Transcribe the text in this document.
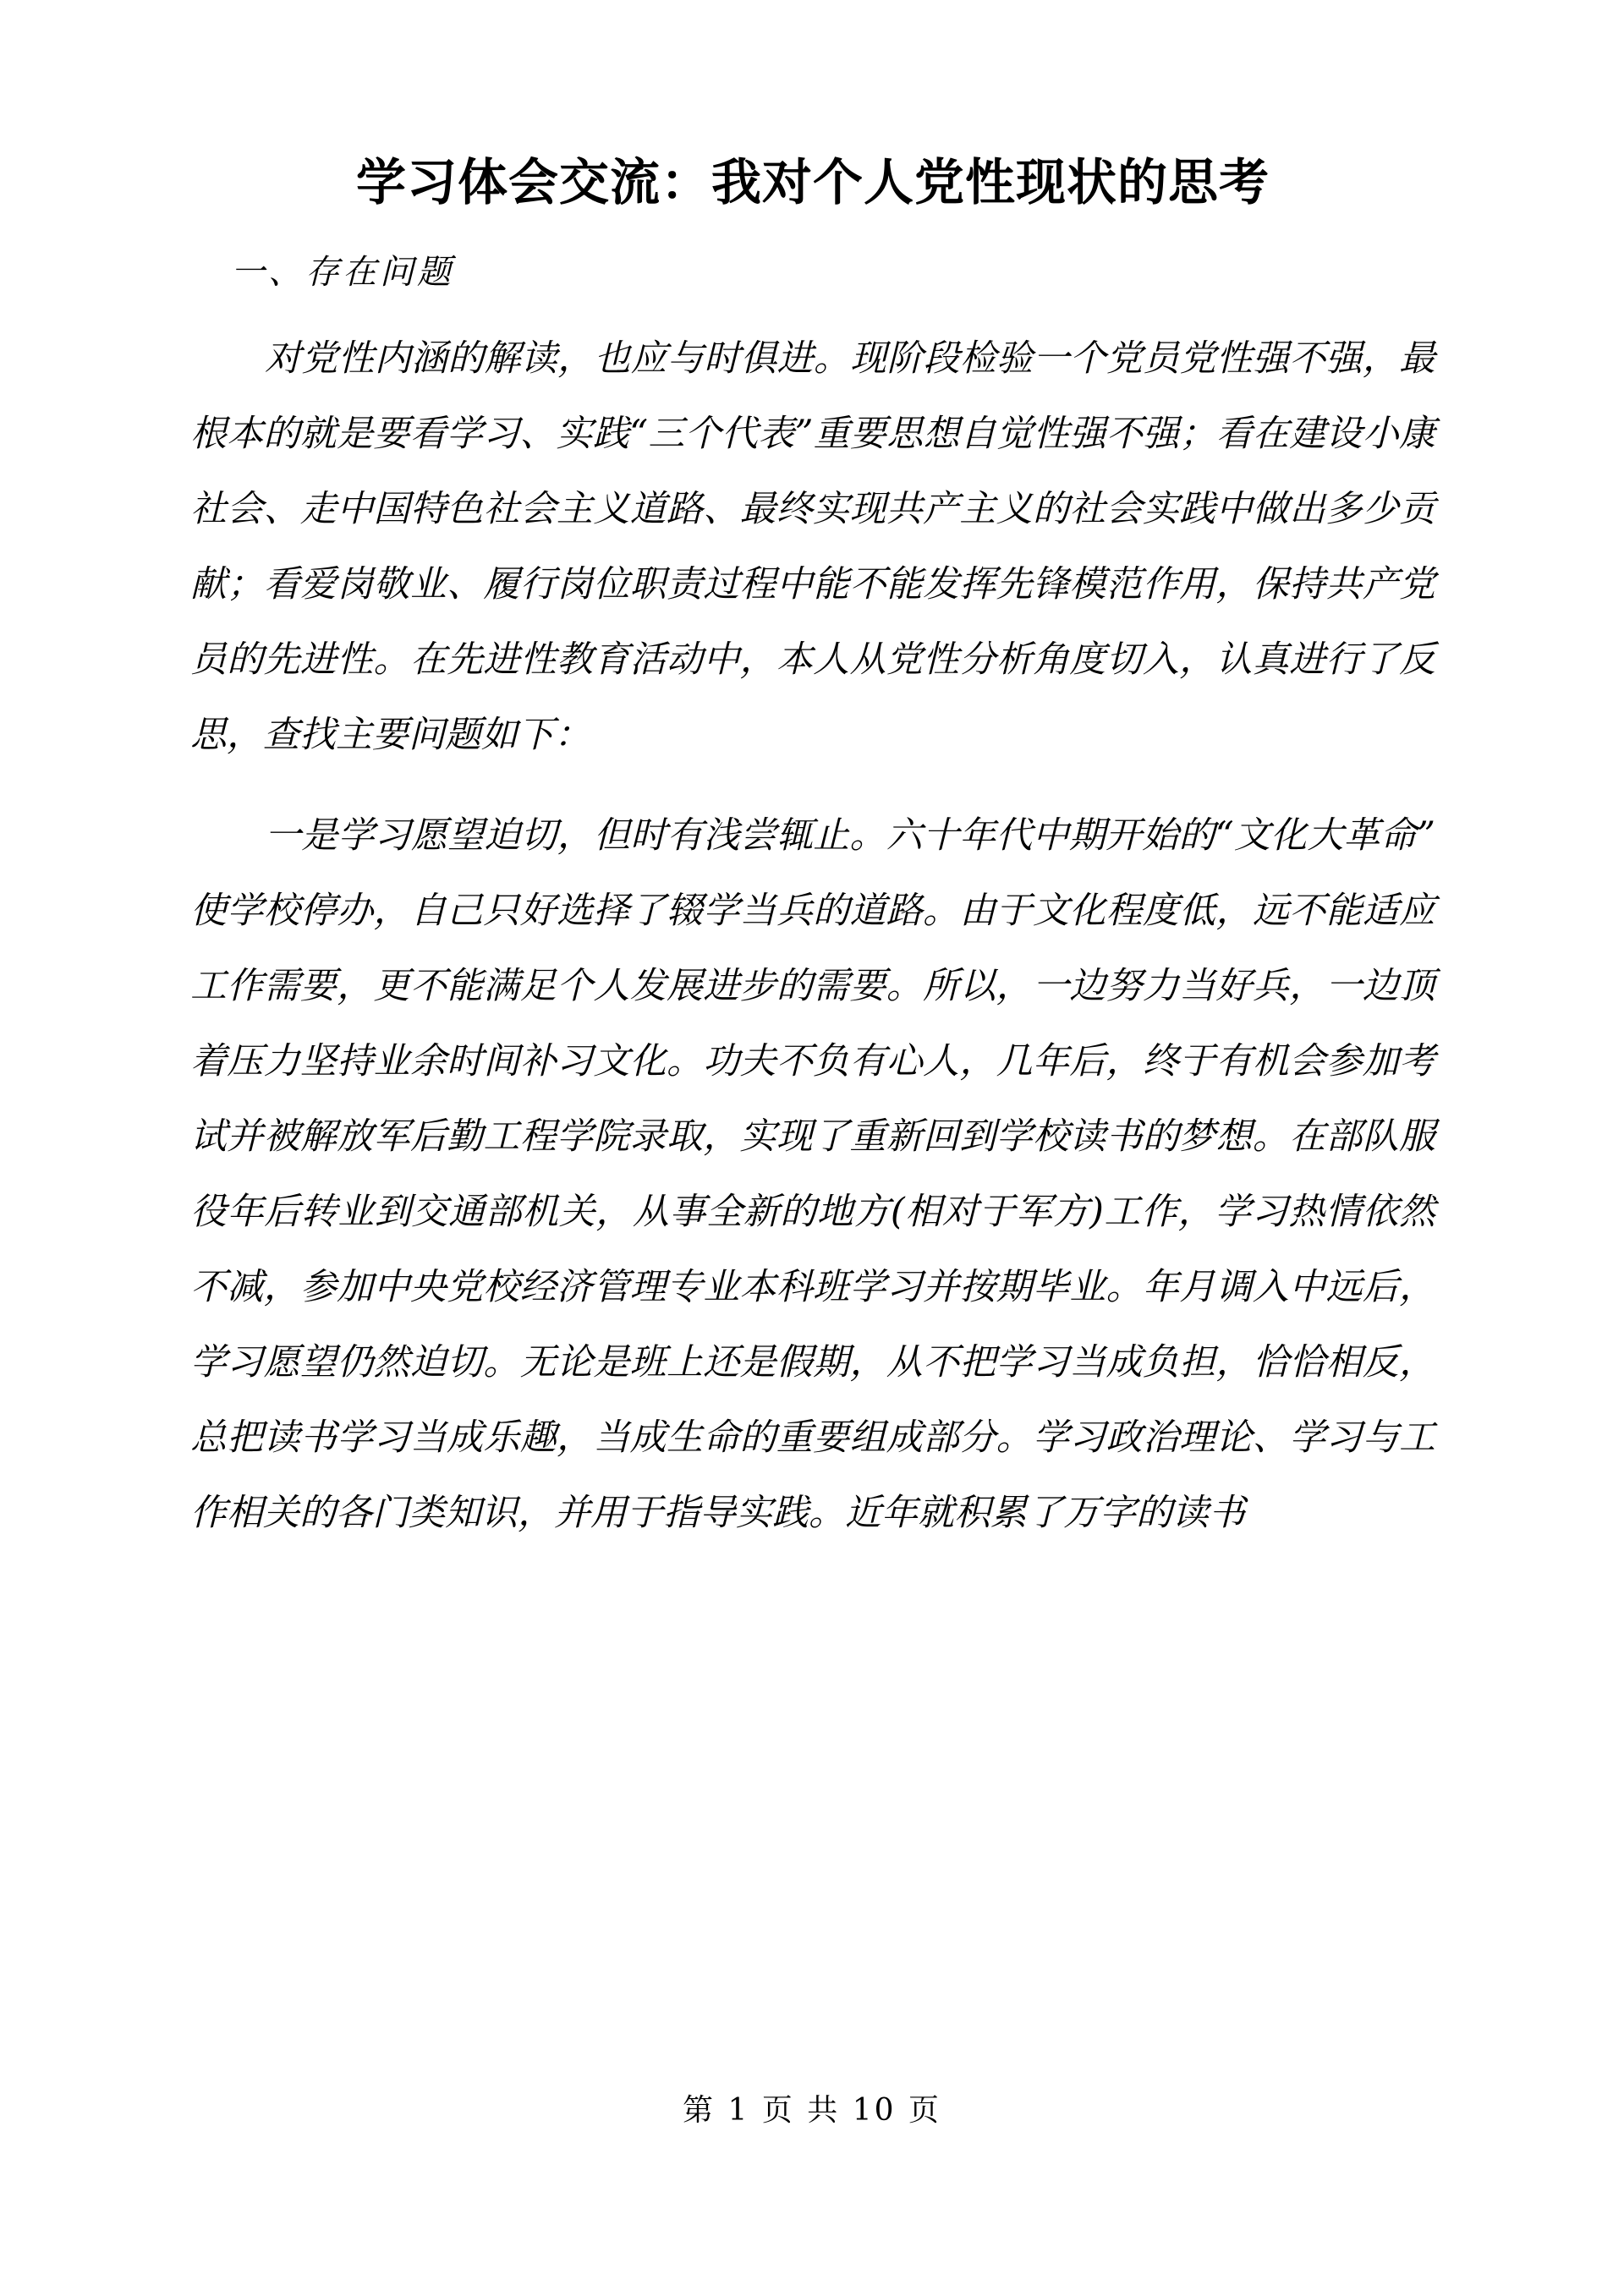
学习体会交流：我对个人党性现状的思考
一、存在问题

对党性内涵的解读，也应与时俱进。现阶段检验一个党员党性强不强，最根本的就是要看学习、实践“三个代表”重要思想自觉性强不强；看在建设小康社会、走中国特色社会主义道路、最终实现共产主义的社会实践中做出多少贡献；看爱岗敬业、履行岗位职责过程中能不能发挥先锋模范作用，保持共产党员的先进性。在先进性教育活动中，本人从党性分析角度切入，认真进行了反思，查找主要问题如下：

一是学习愿望迫切，但时有浅尝辄止。六十年代中期开始的“文化大革命”使学校停办，自己只好选择了辍学当兵的道路。由于文化程度低，远不能适应工作需要，更不能满足个人发展进步的需要。所以，一边努力当好兵，一边顶着压力坚持业余时间补习文化。功夫不负有心人，几年后，终于有机会参加考试并被解放军后勤工程学院录取，实现了重新回到学校读书的梦想。在部队服役年后转业到交通部机关，从事全新的地方(相对于军方)工作，学习热情依然不减，参加中央党校经济管理专业本科班学习并按期毕业。年月调入中远后，学习愿望仍然迫切。无论是班上还是假期，从不把学习当成负担，恰恰相反，总把读书学习当成乐趣，当成生命的重要组成部分。学习政治理论、学习与工作相关的各门类知识，并用于指导实践。近年就积累了万字的读书

第 1 页 共 10 页
